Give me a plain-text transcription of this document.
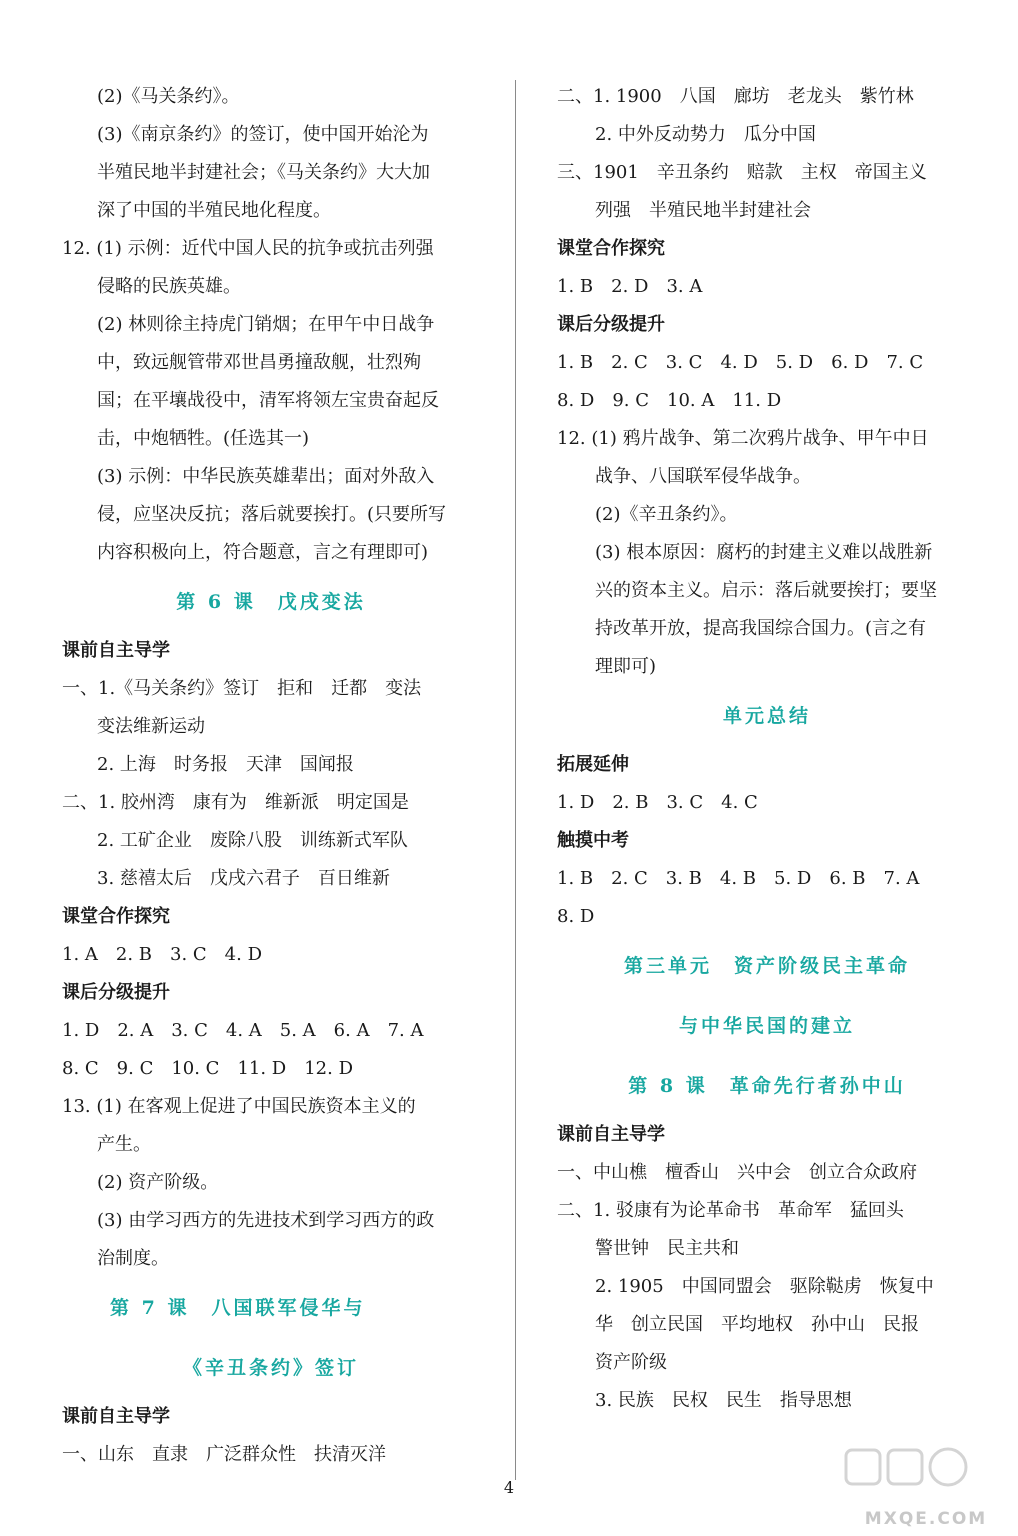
(2)《马关条约》。
(3)《南京条约》的签订，使中国开始沦为
半殖民地半封建社会；《马关条约》大大加
深了中国的半殖民地化程度。
12. (1) 示例：近代中国人民的抗争或抗击列强
侵略的民族英雄。
(2) 林则徐主持虎门销烟；在甲午中日战争
中，致远舰管带邓世昌勇撞敌舰，壮烈殉
国；在平壤战役中，清军将领左宝贵奋起反
击，中炮牺牲。(任选其一)
(3) 示例：中华民族英雄辈出；面对外敌入
侵，应坚决反抗；落后就要挨打。(只要所写
内容积极向上，符合题意，言之有理即可)
第 6 课　戊戌变法
课前自主导学
一、1.《马关条约》签订　拒和　迁都　变法
变法维新运动
2. 上海　时务报　天津　国闻报
二、1. 胶州湾　康有为　维新派　明定国是
2. 工矿企业　废除八股　训练新式军队
3. 慈禧太后　戊戌六君子　百日维新
课堂合作探究
1. A　2. B　3. C　4. D
课后分级提升
1. D　2. A　3. C　4. A　5. A　6. A　7. A
8. C　9. C　10. C　11. D　12. D
13. (1) 在客观上促进了中国民族资本主义的
产生。
(2) 资产阶级。
(3) 由学习西方的先进技术到学习西方的政
治制度。
第 7 课　八国联军侵华与
《辛丑条约》签订
课前自主导学
一、山东　直隶　广泛群众性　扶清灭洋
二、1. 1900　八国　廊坊　老龙头　紫竹林
2. 中外反动势力　瓜分中国
三、1901　辛丑条约　赔款　主权　帝国主义
列强　半殖民地半封建社会
课堂合作探究
1. B　2. D　3. A
课后分级提升
1. B　2. C　3. C　4. D　5. D　6. D　7. C
8. D　9. C　10. A　11. D
12. (1) 鸦片战争、第二次鸦片战争、甲午中日
战争、八国联军侵华战争。
(2)《辛丑条约》。
(3) 根本原因：腐朽的封建主义难以战胜新
兴的资本主义。启示：落后就要挨打；要坚
持改革开放，提高我国综合国力。(言之有
理即可)
单元总结
拓展延伸
1. D　2. B　3. C　4. C
触摸中考
1. B　2. C　3. B　4. B　5. D　6. B　7. A
8. D
第三单元　资产阶级民主革命
与中华民国的建立
第 8 课　革命先行者孙中山
课前自主导学
一、中山樵　檀香山　兴中会　创立合众政府
二、1. 驳康有为论革命书　革命军　猛回头
警世钟　民主共和
2. 1905　中国同盟会　驱除鞑虏　恢复中
华　创立民国　平均地权　孙中山　民报
资产阶级
3. 民族　民权　民生　指导思想
4
MXQE.COM
